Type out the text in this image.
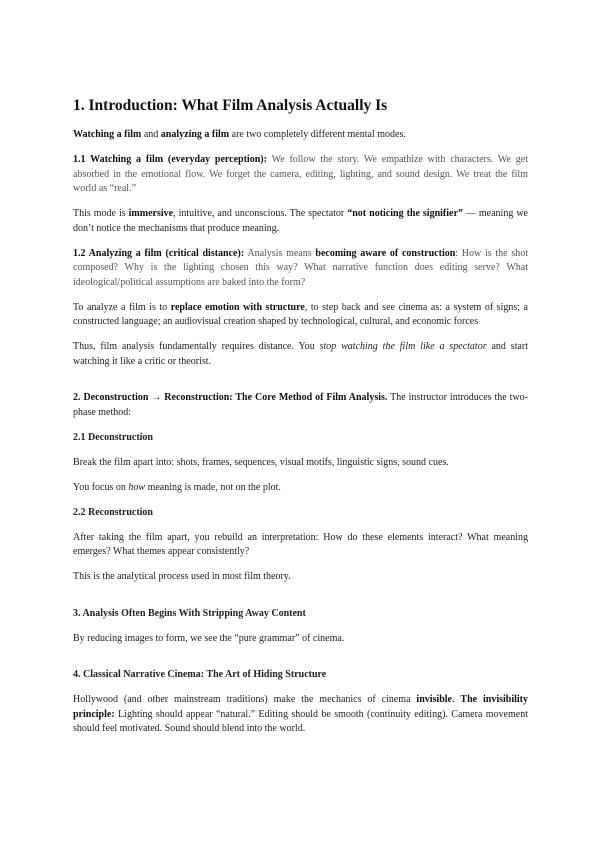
1. Introduction: What Film Analysis Actually Is

Watching a film and analyzing a film are two completely different mental modes.

1.1 Watching a film (everyday perception): We follow the story. We empathize with characters. We get absorbed in the emotional flow. We forget the camera, editing, lighting, and sound design. We treat the film world as “real.”

This mode is immersive, intuitive, and unconscious. The spectator “not noticing the signifier” — meaning we don’t notice the mechanisms that produce meaning.

1.2 Analyzing a film (critical distance): Analysis means becoming aware of construction: How is the shot composed? Why is the lighting chosen this way? What narrative function does editing serve? What ideological/political assumptions are baked into the form?

To analyze a film is to replace emotion with structure, to step back and see cinema as: a system of signs; a constructed language; an audiovisual creation shaped by technological, cultural, and economic forces

Thus, film analysis fundamentally requires distance. You stop watching the film like a spectator and start watching it like a critic or theorist.

2. Deconstruction → Reconstruction: The Core Method of Film Analysis. The instructor introduces the two-phase method:

2.1 Deconstruction

Break the film apart into: shots, frames, sequences, visual motifs, linguistic signs, sound cues.

You focus on how meaning is made, not on the plot.

2.2 Reconstruction

After taking the film apart, you rebuild an interpretation: How do these elements interact? What meaning emerges? What themes appear consistently?

This is the analytical process used in most film theory.

3. Analysis Often Begins With Stripping Away Content

By reducing images to form, we see the “pure grammar” of cinema.

4. Classical Narrative Cinema: The Art of Hiding Structure

Hollywood (and other mainstream traditions) make the mechanics of cinema invisible. The invisibility principle: Lighting should appear “natural.” Editing should be smooth (continuity editing). Camera movement should feel motivated. Sound should blend into the world.
